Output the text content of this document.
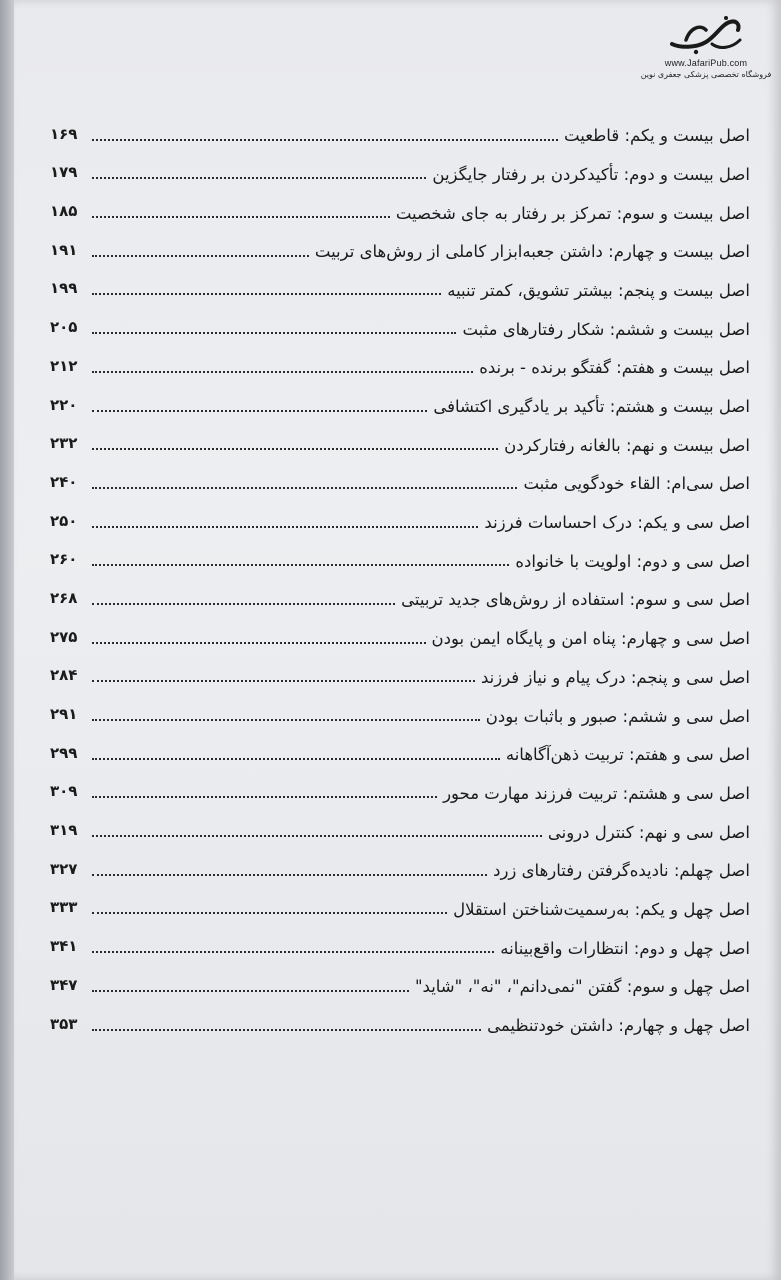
www.JafariPub.com
فروشگاه تخصصی پزشکی جعفری نوین
اصل بیست و یکم: قاطعیت
۱۶۹
اصل بیست و دوم: تأکیدکردن بر رفتار جایگزین
۱۷۹
اصل بیست و سوم: تمرکز بر رفتار به جای شخصیت
۱۸۵
اصل بیست و چهارم: داشتن جعبه‌ابزار کاملی از روش‌های تربیت
۱۹۱
اصل بیست و پنجم: بیشتر تشویق، کمتر تنبیه
۱۹۹
اصل بیست و ششم: شکار رفتارهای مثبت
۲۰۵
اصل بیست و هفتم: گفتگو برنده - برنده
۲۱۲
اصل بیست و هشتم: تأکید بر یادگیری اکتشافی
۲۲۰
اصل بیست و نهم: بالغانه رفتارکردن
۲۳۲
اصل سی‌ام: القاء خودگویی مثبت
۲۴۰
اصل سی و یکم: درک احساسات فرزند
۲۵۰
اصل سی و دوم: اولویت با خانواده
۲۶۰
اصل سی و سوم: استفاده از روش‌های جدید تربیتی
۲۶۸
اصل سی و چهارم: پناه امن و پایگاه ایمن بودن
۲۷۵
اصل سی و پنجم: درک پیام و نیاز فرزند
۲۸۴
اصل سی و ششم: صبور و باثبات بودن
۲۹۱
اصل سی و هفتم: تربیت ذهن‌آگاهانه
۲۹۹
اصل سی و هشتم: تربیت فرزند مهارت محور
۳۰۹
اصل سی و نهم: کنترل درونی
۳۱۹
اصل چهلم: نادیده‌گرفتن رفتارهای زرد
۳۲۷
اصل چهل و یکم: به‌رسمیت‌شناختن استقلال
۳۳۳
اصل چهل و دوم: انتظارات واقع‌بینانه
۳۴۱
اصل چهل و سوم: گفتن "نمی‌دانم"، "نه"، "شاید"
۳۴۷
اصل چهل و چهارم: داشتن خودتنظیمی
۳۵۳
